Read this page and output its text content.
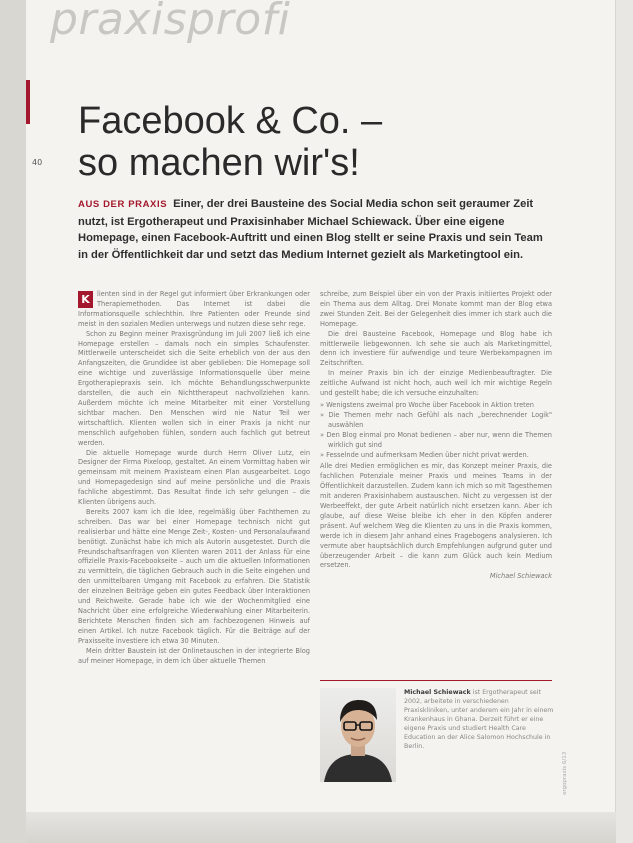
praxisprofi
Facebook & Co. –
so machen wir's!
40

AUS DER PRAXIS Einer, der drei Bausteine des Social Media schon seit geraumer Zeit nutzt, ist Ergotherapeut und Praxisinhaber Michael Schiewack. Über eine eigene Homepage, einen Facebook-Auftritt und einen Blog stellt er seine Praxis und sein Team in der Öffentlichkeit dar und setzt das Medium Internet gezielt als Marketingtool ein.

K	lienten sind in der Regel gut informiert über Erkrankungen oder Therapiemethoden. Das Internet ist dabei die Informationsquelle schlechthin. Ihre Patienten oder Freunde sind meist in den sozialen Medien unterwegs und nutzen diese sehr rege.

Schon zu Beginn meiner Praxisgründung im Juli 2007 ließ ich eine Homepage erstellen – damals noch ein simples Schaufenster. Mittlerweile unterscheidet sich die Seite erheblich von der aus den Anfangszeiten, die Grundidee ist aber geblieben: Die Homepage soll eine wichtige und zuverlässige Informationsquelle über meine Ergotherapiepraxis sein. Ich möchte Behandlungsschwerpunkte darstellen, die auch ein Nichttherapeut nachvollziehen kann. Außerdem möchte ich meine Mitarbeiter mit einer Vorstellung sichtbar machen. Den Menschen wird nie Natur Teil wer wirtschaftlich. Klienten wollen sich in einer Praxis ja nicht nur menschlich aufgehoben fühlen, sondern auch fachlich gut betreut werden.

Die aktuelle Homepage wurde durch Herrn Oliver Lutz, ein Designer der Firma Pixeloop, gestaltet. An einem Vormittag haben wir gemeinsam mit meinem Praxisteam einen Plan ausgearbeitet. Logo und Homepagedesign sind auf meine persönliche und die Praxis fachliche abgestimmt. Das Resultat finde ich sehr gelungen – die Klienten übrigens auch.

Bereits 2007 kam ich die Idee, regelmäßig über Fachthemen zu schreiben. Das war bei einer Homepage technisch nicht gut realisierbar und hätte eine Menge Zeit-, Kosten- und Personalaufwand benötigt. Zunächst habe ich mich als Autorin ausgetestet. Durch die Freundschaftsanfragen von Klienten waren 2011 der Anlass für eine offizielle Praxis-Facebookseite – auch um die aktuellen Informationen zu vermitteln, die täglichen Gebrauch auch in die Seite eingehen und den unmittelbaren Umgang mit Facebook zu erfahren. Die Statistik der einzelnen Beiträge geben ein gutes Feedback über Interaktionen und Reichweite. Gerade habe ich wie der Wochenmitglied eine Nachricht über eine erfolgreiche Wiederwahlung einer Mitarbeiterin. Berichtete Menschen finden sich am fachbezogenen Hinweis auf einen Artikel. Ich nutze Facebook täglich. Für die Beiträge auf der Praxisseite investiere ich etwa 30 Minuten.

Mein dritter Baustein ist der Onlinetauschen in der integrierte Blog auf meiner Homepage, in dem ich über aktuelle Themen

schreibe, zum Beispiel über ein von der Praxis initiiertes Projekt oder ein Thema aus dem Alltag. Drei Monate kommt man der Blog etwa zwei Stunden Zeit. Bei der Gelegenheit dies immer ich stark auch die Homepage.

Die drei Bausteine Facebook, Homepage und Blog habe ich mittlerweile liebgewonnen. Ich sehe sie auch als Marketingmittel, denn ich investiere für aufwendige und teure Werbekampagnen im Zeitschriften.

In meiner Praxis bin ich der einzige Medienbeauftragter. Die zeitliche Aufwand ist nicht hoch, auch weil ich mir wichtige Regeln und gestellt habe; die ich versuche einzuhalten:

» Wenigstens zweimal pro Woche über Facebook in Aktion treten
» Die Themen mehr nach Gefühl als nach „berechnender Logik" auswählen
» Den Blog einmal pro Monat bedienen – aber nur, wenn die Themen wirklich gut sind
» Fesselnde und aufmerksam Medien über nicht privat werden.

Alle drei Medien ermöglichen es mir, das Konzept meiner Praxis, die fachlichen Potenziale meiner Praxis und meines Teams in der Öffentlichkeit darzustellen. Zudem kann ich mich so mit Tagesthemen mit anderen Praxisinhabern austauschen. Nicht zu vergessen ist der Werbeeffekt, der gute Arbeit natürlich nicht ersetzen kann. Aber ich glaube, auf diese Weise bleibe ich eher in den Köpfen anderer präsent. Auf welchem Weg die Klienten zu uns in die Praxis kommen, werde ich in diesem Jahr anhand eines Fragebogens analysieren. Ich vermute aber hauptsächlich durch Empfehlungen aufgrund guter und überzeugender Arbeit – die kann zum Glück auch kein Medium ersetzen.

Michael Schiewack
Michael Schiewack ist Ergotherapeut seit 2002, arbeitete in verschiedenen Praxiskliniken, unter anderem ein Jahr in einem Krankenhaus in Ghana. Derzeit führt er eine eigene Praxis und studiert Health Care Education an der Alice Salomon Hochschule in Berlin.
ergopraxis 6/13
